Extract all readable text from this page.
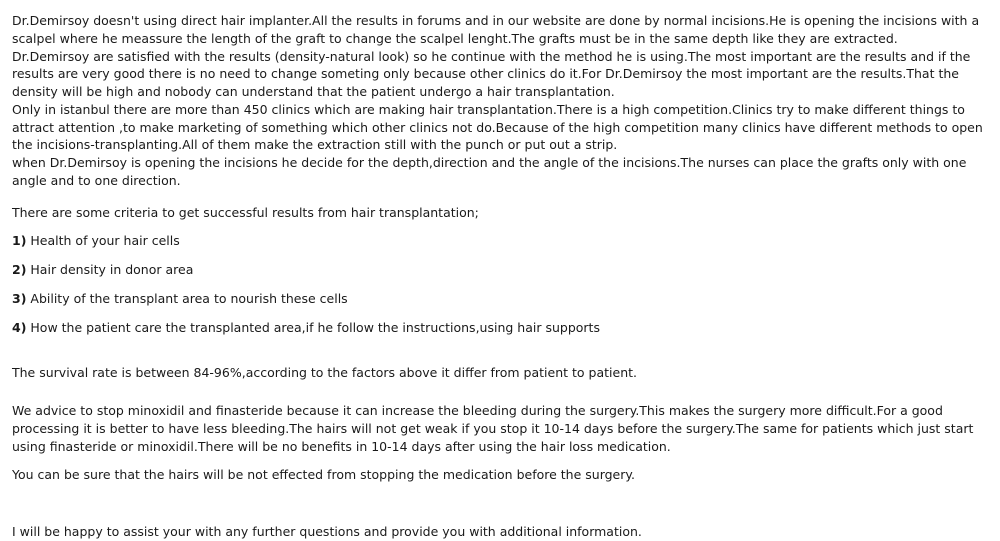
Dr.Demirsoy doesn't using direct hair implanter.All the results in forums and in our website are done by normal incisions.He is opening the incisions with a scalpel where he meassure the length of the graft to change the scalpel lenght.The grafts must be in the same depth like they are extracted.

Dr.Demirsoy are satisfied with the results (density-natural look) so he continue with the method he is using.The most important are the results and if the results are very good there is no need to change someting only because other clinics do it.For Dr.Demirsoy the most important are the results.That the density will be high and nobody can understand that the patient undergo a hair transplantation.

Only in istanbul there are more than 450 clinics which are making hair transplantation.There is a high competition.Clinics try to make different things to attract attention ,to make marketing of something which other clinics not do.Because of the high competition many clinics have different methods to open the incisions-transplanting.All of them make the extraction still with the punch or put out a strip.

when Dr.Demirsoy is opening the incisions he decide for the depth,direction and the angle of the incisions.The nurses can place the grafts only with one angle and to one direction.

There are some criteria to get successful results from hair transplantation;

1) Health of your hair cells

2) Hair density in donor area

3) Ability of the transplant area to nourish these cells

4) How the patient care the transplanted area,if he follow the instructions,using hair supports

The survival rate is between 84-96%,according to the factors above it differ from patient to patient.

We advice to stop minoxidil and finasteride because it can increase the bleeding during the surgery.This makes the surgery more difficult.For a good processing it is better to have less bleeding.The hairs will not get weak if you stop it 10-14 days before the surgery.The same for patients which just start using finasteride or minoxidil.There will be no benefits in 10-14 days after using the hair loss medication.

You can be sure that the hairs will be not effected from stopping the medication before the surgery.

I will be happy to assist your with any further questions and provide you with additional information.
